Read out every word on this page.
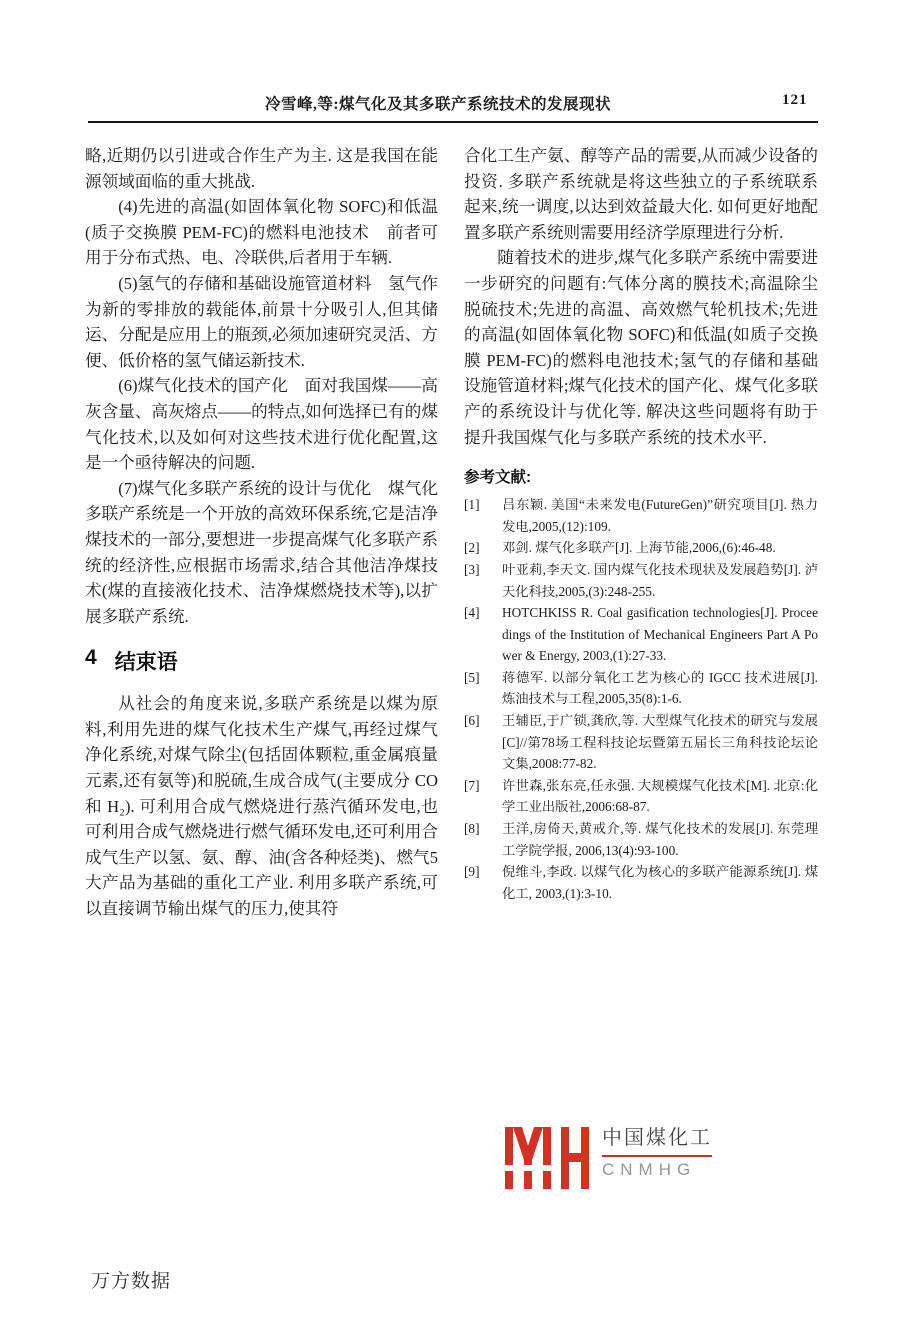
冷雪峰,等:煤气化及其多联产系统技术的发展现状	121

略,近期仍以引进或合作生产为主. 这是我国在能源领域面临的重大挑战.

(4)先进的高温(如固体氧化物 SOFC)和低温(质子交换膜 PEM-FC)的燃料电池技术　前者可用于分布式热、电、冷联供,后者用于车辆.

(5)氢气的存储和基础设施管道材料　氢气作为新的零排放的载能体,前景十分吸引人,但其储运、分配是应用上的瓶颈,必须加速研究灵活、方便、低价格的氢气储运新技术.

(6)煤气化技术的国产化　面对我国煤——高灰含量、高灰熔点——的特点,如何选择已有的煤气化技术,以及如何对这些技术进行优化配置,这是一个亟待解决的问题.

(7)煤气化多联产系统的设计与优化　煤气化多联产系统是一个开放的高效环保系统,它是洁净煤技术的一部分,要想进一步提高煤气化多联产系统的经济性,应根据市场需求,结合其他洁净煤技术(煤的直接液化技术、洁净煤燃烧技术等),以扩展多联产系统.

4 结束语

从社会的角度来说,多联产系统是以煤为原料,利用先进的煤气化技术生产煤气,再经过煤气净化系统,对煤气除尘(包括固体颗粒,重金属痕量元素,还有氨等)和脱硫,生成合成气(主要成分 CO 和 H₂). 可利用合成气燃烧进行蒸汽循环发电,也可利用合成气燃烧进行燃气循环发电,还可利用合成气生产以氢、氨、醇、油(含各种烃类)、燃气5大产品为基础的重化工产业. 利用多联产系统,可以直接调节输出煤气的压力,使其符

合化工生产氨、醇等产品的需要,从而减少设备的投资. 多联产系统就是将这些独立的子系统联系起来,统一调度,以达到效益最大化. 如何更好地配置多联产系统则需要用经济学原理进行分析.

随着技术的进步,煤气化多联产系统中需要进一步研究的问题有:气体分离的膜技术;高温除尘脱硫技术;先进的高温、高效燃气轮机技术;先进的高温(如固体氧化物 SOFC)和低温(如质子交换膜 PEM-FC)的燃料电池技术;氢气的存储和基础设施管道材料;煤气化技术的国产化、煤气化多联产的系统设计与优化等. 解决这些问题将有助于提升我国煤气化与多联产系统的技术水平.

参考文献:
[1]	吕东颖. 美国“未来发电(FutureGen)”研究项目[J]. 热力发电,2005,(12):109.
[2]	邓剑. 煤气化多联产[J]. 上海节能,2006,(6):46-48.
[3]	叶亚莉,李天文. 国内煤气化技术现状及发展趋势[J]. 泸天化科技,2005,(3):248-255.
[4]	HOTCHKISS R. Coal gasification technologies[J]. Proceedings of the Institution of Mechanical Engineers Part A Power & Energy, 2003,(1):27-33.
[5]	蒋德军. 以部分氧化工艺为核心的 IGCC 技术进展[J]. 炼油技术与工程,2005,35(8):1-6.
[6]	王辅臣,于广锁,龚欣,等. 大型煤气化技术的研究与发展[C]//第78场工程科技论坛暨第五届长三角科技论坛论文集,2008:77-82.
[7]	许世森,张东亮,任永强. 大规模煤气化技术[M]. 北京:化学工业出版社,2006:68-87.
[8]	王洋,房倚天,黄戒介,等. 煤气化技术的发展[J]. 东莞理工学院学报, 2006,13(4):93-100.
[9]	倪维斗,李政. 以煤气化为核心的多联产能源系统[J]. 煤化工, 2003,(1):3-10.
中国煤化工
CNMHG
万方数据
